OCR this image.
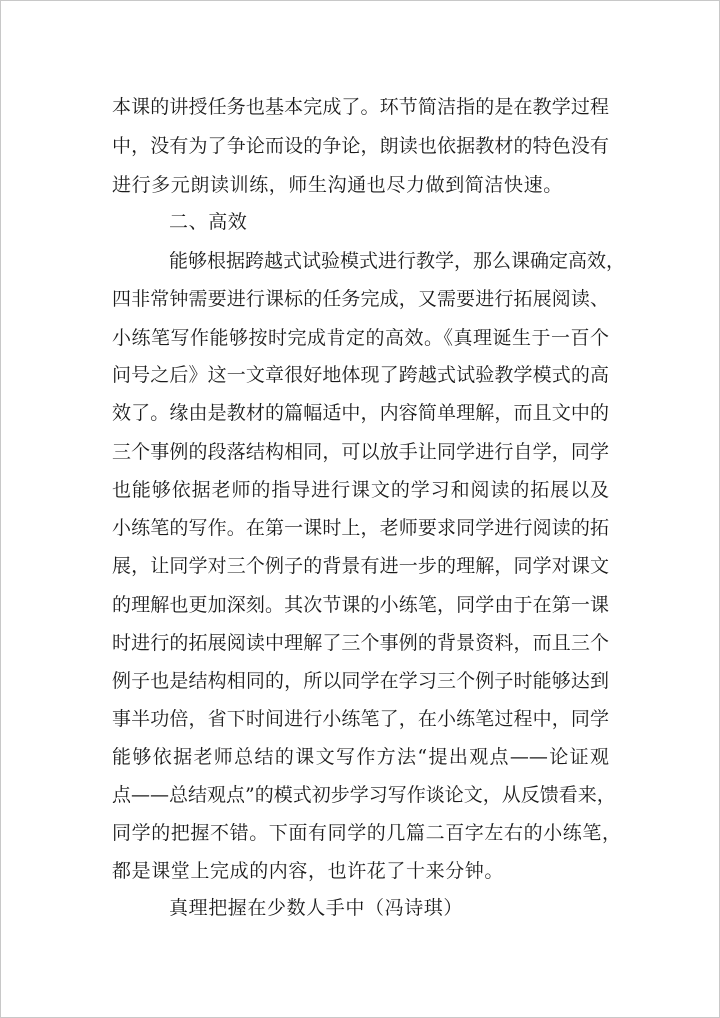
本课的讲授任务也基本完成了。环节简洁指的是在教学过程
中，没有为了争论而设的争论，朗读也依据教材的特色没有
进行多元朗读训练，师生沟通也尽力做到简洁快速。
二、高效
能够根据跨越式试验模式进行教学，那么课确定高效，
四非常钟需要进行课标的任务完成，又需要进行拓展阅读、
小练笔写作能够按时完成肯定的高效。《真理诞生于一百个
问号之后》这一文章很好地体现了跨越式试验教学模式的高
效了。缘由是教材的篇幅适中，内容简单理解，而且文中的
三个事例的段落结构相同，可以放手让同学进行自学，同学
也能够依据老师的指导进行课文的学习和阅读的拓展以及
小练笔的写作。在第一课时上，老师要求同学进行阅读的拓
展，让同学对三个例子的背景有进一步的理解，同学对课文
的理解也更加深刻。其次节课的小练笔，同学由于在第一课
时进行的拓展阅读中理解了三个事例的背景资料，而且三个
例子也是结构相同的，所以同学在学习三个例子时能够达到
事半功倍，省下时间进行小练笔了，在小练笔过程中，同学
能够依据老师总结的课文写作方法“提出观点——论证观
点——总结观点”的模式初步学习写作谈论文，从反馈看来，
同学的把握不错。下面有同学的几篇二百字左右的小练笔，
都是课堂上完成的内容，也许花了十来分钟。
真理把握在少数人手中（冯诗琪）
